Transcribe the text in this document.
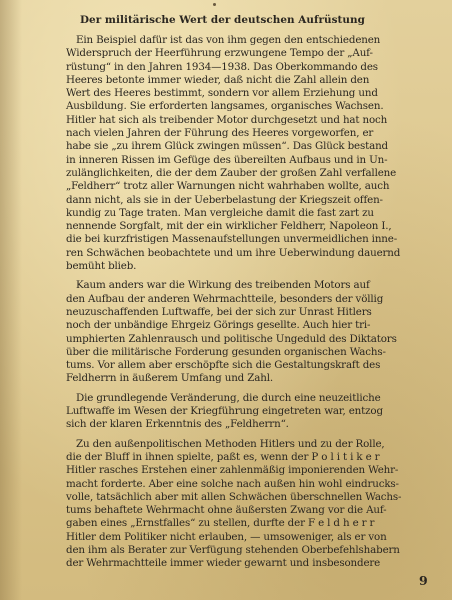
Der militärische Wert der deutschen Aufrüstung
Ein Beispiel dafür ist das von ihm gegen den entschiedenen
Widerspruch der Heerführung erzwungene Tempo der „Auf-
rüstung“ in den Jahren 1934—1938. Das Oberkommando des
Heeres betonte immer wieder, daß nicht die Zahl allein den
Wert des Heeres bestimmt, sondern vor allem Erziehung und
Ausbildung. Sie erforderten langsames, organisches Wachsen.
Hitler hat sich als treibender Motor durchgesetzt und hat noch
nach vielen Jahren der Führung des Heeres vorgeworfen, er
habe sie „zu ihrem Glück zwingen müssen“. Das Glück bestand
in inneren Rissen im Gefüge des übereilten Aufbaus und in Un-
zulänglichkeiten, die der dem Zauber der großen Zahl verfallene
„Feldherr“ trotz aller Warnungen nicht wahrhaben wollte, auch
dann nicht, als sie in der Ueberbelastung der Kriegszeit offen-
kundig zu Tage traten. Man vergleiche damit die fast zart zu
nennende Sorgfalt, mit der ein wirklicher Feldherr, Napoleon I.,
die bei kurzfristigen Massenaufstellungen unvermeidlichen inne-
ren Schwächen beobachtete und um ihre Ueberwindung dauernd
bemüht blieb.
Kaum anders war die Wirkung des treibenden Motors auf
den Aufbau der anderen Wehrmachtteile, besonders der völlig
neuzuschaffenden Luftwaffe, bei der sich zur Unrast Hitlers
noch der unbändige Ehrgeiz Görings gesellte. Auch hier tri-
umphierten Zahlenrausch und politische Ungeduld des Diktators
über die militärische Forderung gesunden organischen Wachs-
tums. Vor allem aber erschöpfte sich die Gestaltungskraft des
Feldherrn in äußerem Umfang und Zahl.
Die grundlegende Veränderung, die durch eine neuzeitliche
Luftwaffe im Wesen der Kriegführung eingetreten war, entzog
sich der klaren Erkenntnis des „Feldherrn“.
Zu den außenpolitischen Methoden Hitlers und zu der Rolle,
die der Bluff in ihnen spielte, paßt es, wenn der P o l i t i k e r
Hitler rasches Erstehen einer zahlenmäßig imponierenden Wehr-
macht forderte. Aber eine solche nach außen hin wohl eindrucks-
volle, tatsächlich aber mit allen Schwächen überschnellen Wachs-
tums behaftete Wehrmacht ohne äußersten Zwang vor die Auf-
gaben eines „Ernstfalles“ zu stellen, durfte der F e l d h e r r
Hitler dem Politiker nicht erlauben, — umsoweniger, als er von
den ihm als Berater zur Verfügung stehenden Oberbefehlshabern
der Wehrmachtteile immer wieder gewarnt und insbesondere
9
